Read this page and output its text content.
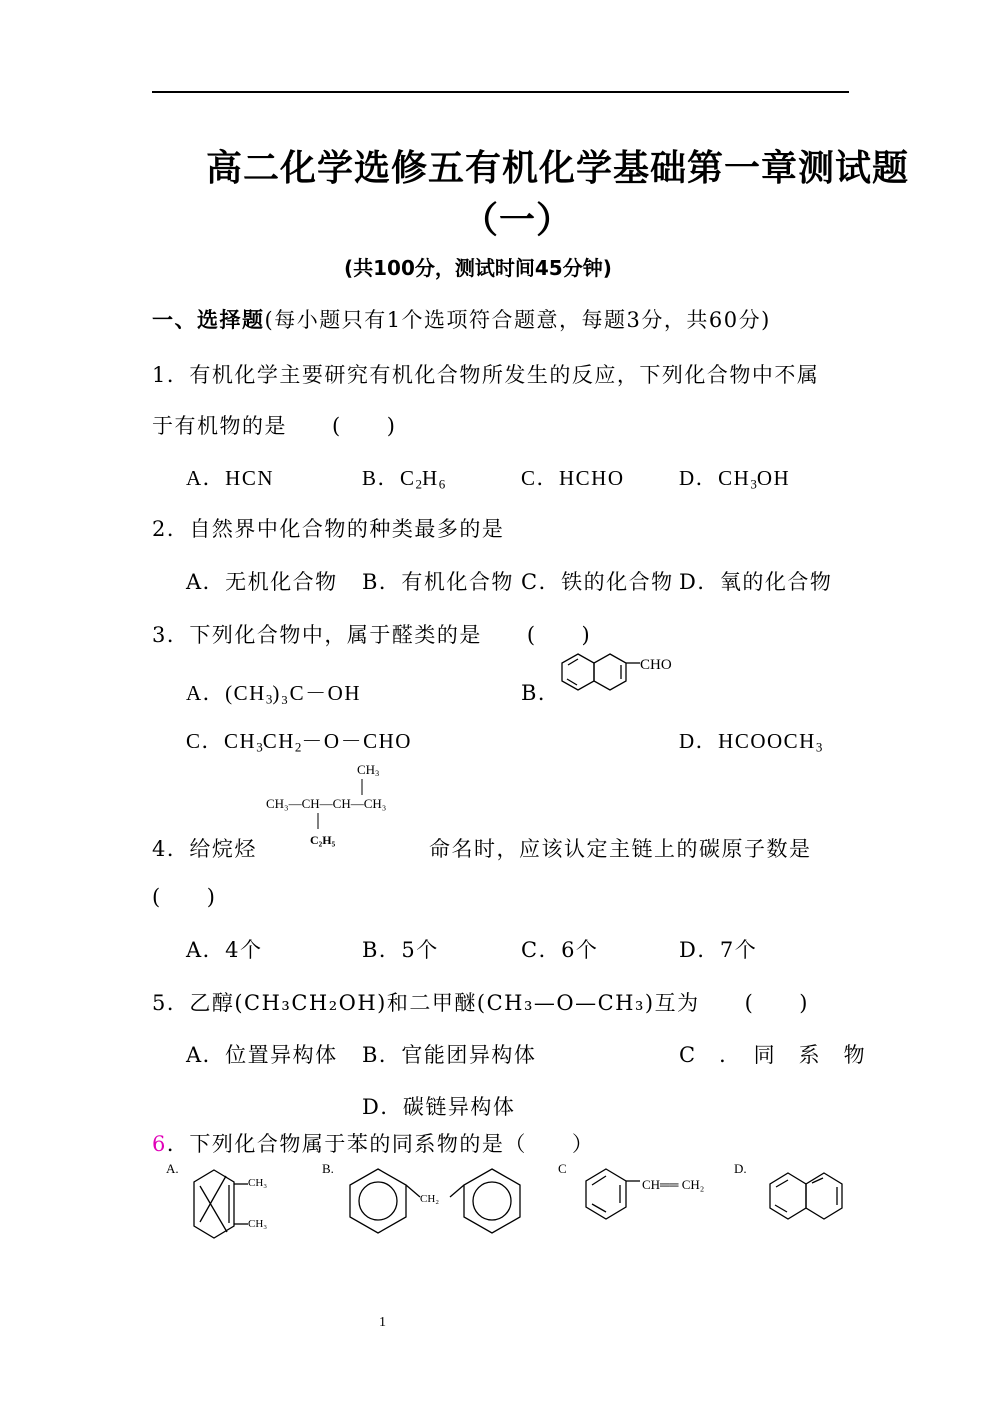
高二化学选修五有机化学基础第一章测试题
（一）
(共100分，测试时间45分钟)
一、选择题(每小题只有1个选项符合题意，每题3分，共60分)
1．有机化学主要研究有机化合物所发生的反应，下列化合物中不属
于有机物的是　　(　　)
A．HCN	B．$C_2H_6$	C．HCHO	D．$CH_3OH$
2．自然界中化合物的种类最多的是
A．无机化合物 B．有机化合物 C．铁的化合物 D．氧的化合物
3．下列化合物中，属于醛类的是　　(　　)
A．$(CH_3)_3C-OH$	B．
CHO
C．$CH_3CH_2-O-CHO$	D．$HCOOCH_3$
$CH_3$
CH₃—CH—CH—CH₃
C₂H₅
4．给烷烃	命名时，应该认定主链上的碳原子数是
(　　)
A．4个	B．5个	C．6个	D．7个
5．乙醇(CH₃CH₂OH)和二甲醚(CH₃—O—CH₃)互为　　(　　)
A．位置异构体 B．官能团异构体	C　．　同　系　物
D．碳链异构体
6．下列化合物属于苯的同系物的是（　　）
A.
CH₃
CH₃
B.
CH₂
C
CH══ CH₂
D.
1
